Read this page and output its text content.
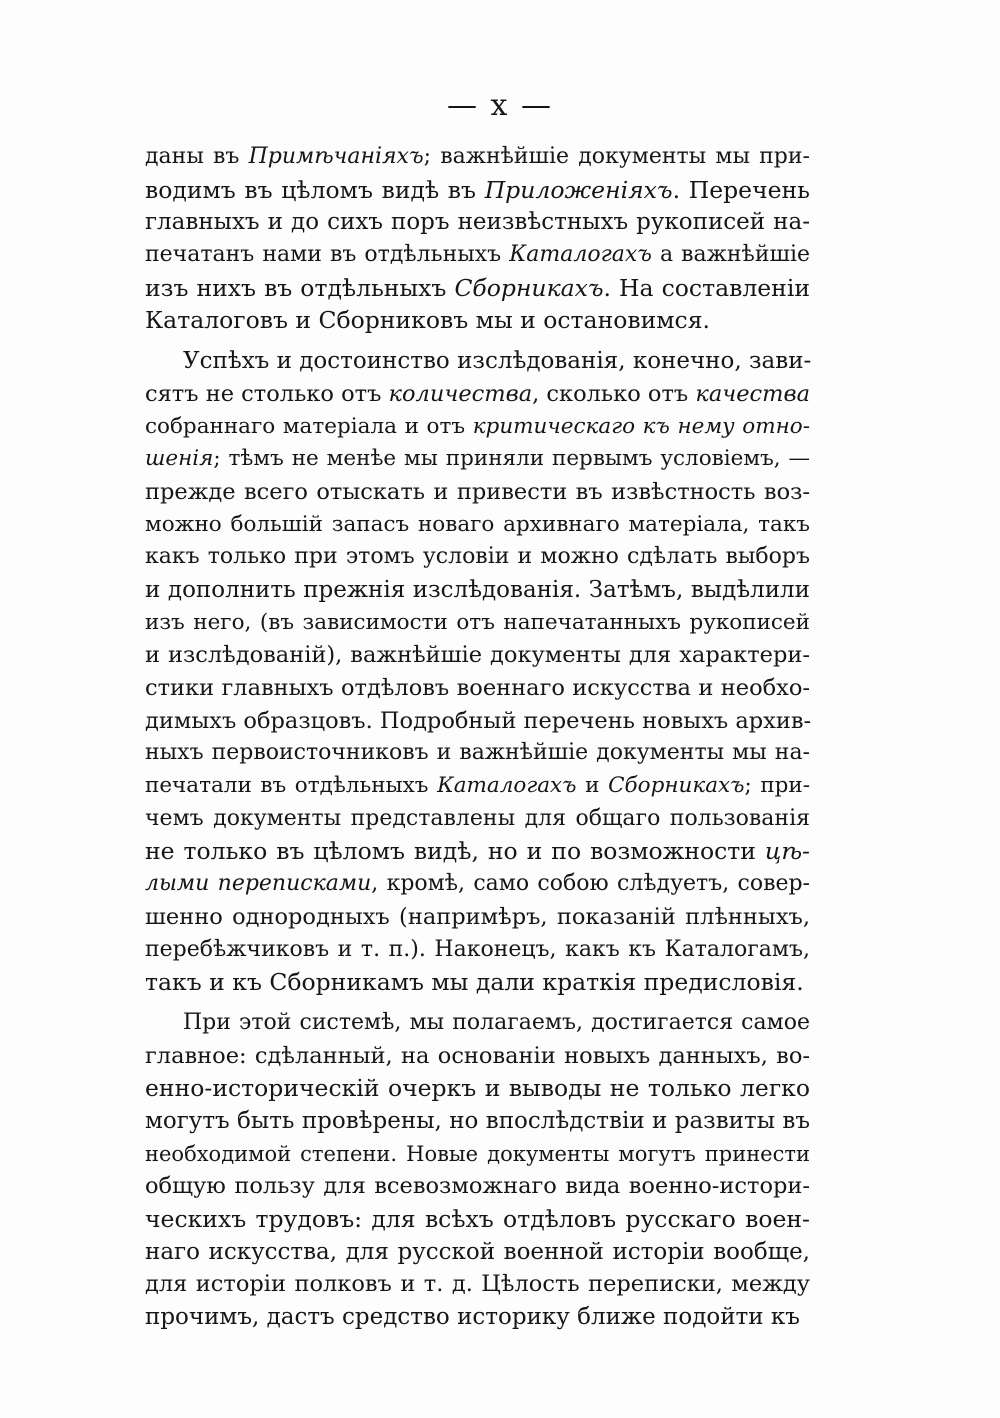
— x —
даны въ Примѣчаніяхъ; важнѣйшіе документы мы при-
водимъ въ цѣломъ видѣ въ Приложеніяхъ. Перечень
главныхъ и до сихъ поръ неизвѣстныхъ рукописей на-
печатанъ нами въ отдѣльныхъ Каталогахъ а важнѣйшіе
изъ нихъ въ отдѣльныхъ Сборникахъ. На составленіи
Каталоговъ и Сборниковъ мы и остановимся.
Успѣхъ и достоинство изслѣдованія, конечно, зави-
сятъ не столько отъ количества, сколько отъ качества
собраннаго матеріала и отъ критическаго къ нему отно-
шенія; тѣмъ не менѣе мы приняли первымъ условіемъ, —
прежде всего отыскать и привести въ извѣстность воз-
можно большій запасъ новаго архивнаго матеріала, такъ
какъ только при этомъ условіи и можно сдѣлать выборъ
и дополнить прежнія изслѣдованія. Затѣмъ, выдѣлили
изъ него, (въ зависимости отъ напечатанныхъ рукописей
и изслѣдованій), важнѣйшіе документы для характери-
стики главныхъ отдѣловъ военнаго искусства и необхо-
димыхъ образцовъ. Подробный перечень новыхъ архив-
ныхъ первоисточниковъ и важнѣйшіе документы мы на-
печатали въ отдѣльныхъ Каталогахъ и Сборникахъ; при-
чемъ документы представлены для общаго пользованія
не только въ цѣломъ видѣ, но и по возможности цѣ-
лыми переписками, кромѣ, само собою слѣдуетъ, совер-
шенно однородныхъ (напримѣръ, показаній плѣнныхъ,
перебѣжчиковъ и т. п.). Наконецъ, какъ къ Каталогамъ,
такъ и къ Сборникамъ мы дали краткія предисловія.
При этой системѣ, мы полагаемъ, достигается самое
главное: сдѣланный, на основаніи новыхъ данныхъ, во-
енно-историческій очеркъ и выводы не только легко
могутъ быть провѣрены, но впослѣдствіи и развиты въ
необходимой степени. Новые документы могутъ принести
общую пользу для всевозможнаго вида военно-истори-
ческихъ трудовъ: для всѣхъ отдѣловъ русскаго воен-
наго искусства, для русской военной исторіи вообще,
для исторіи полковъ и т. д. Цѣлость переписки, между
прочимъ, дастъ средство историку ближе подойти къ
